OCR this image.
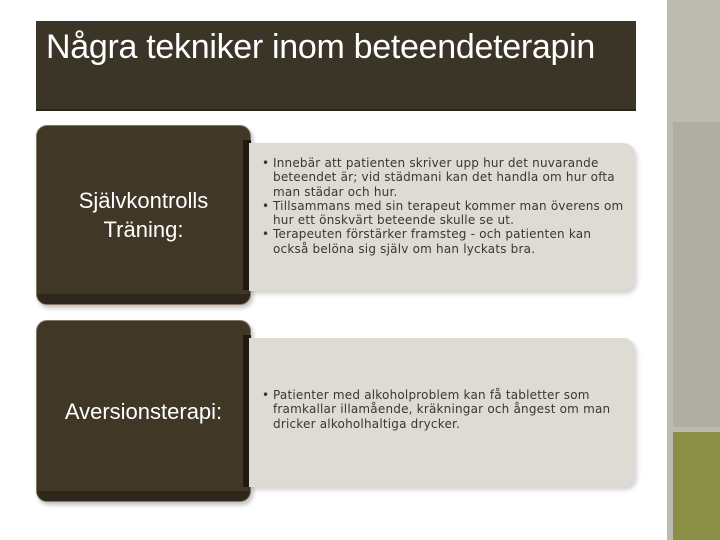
Några tekniker inom beteendeterapin
Självkontrolls Träning:
• Innebär att patienten skriver upp hur det nuvarande beteendet är; vid städmani kan det handla om hur ofta man städar och hur.
• Tillsammans med sin terapeut kommer man överens om hur ett önskvärt beteende skulle se ut.
• Terapeuten förstärker framsteg - och patienten kan också belöna sig själv om han lyckats bra.
Aversionsterapi:
• Patienter med alkoholproblem kan få tabletter som framkallar illamående, kräkningar och ångest om man dricker alkoholhaltiga drycker.
